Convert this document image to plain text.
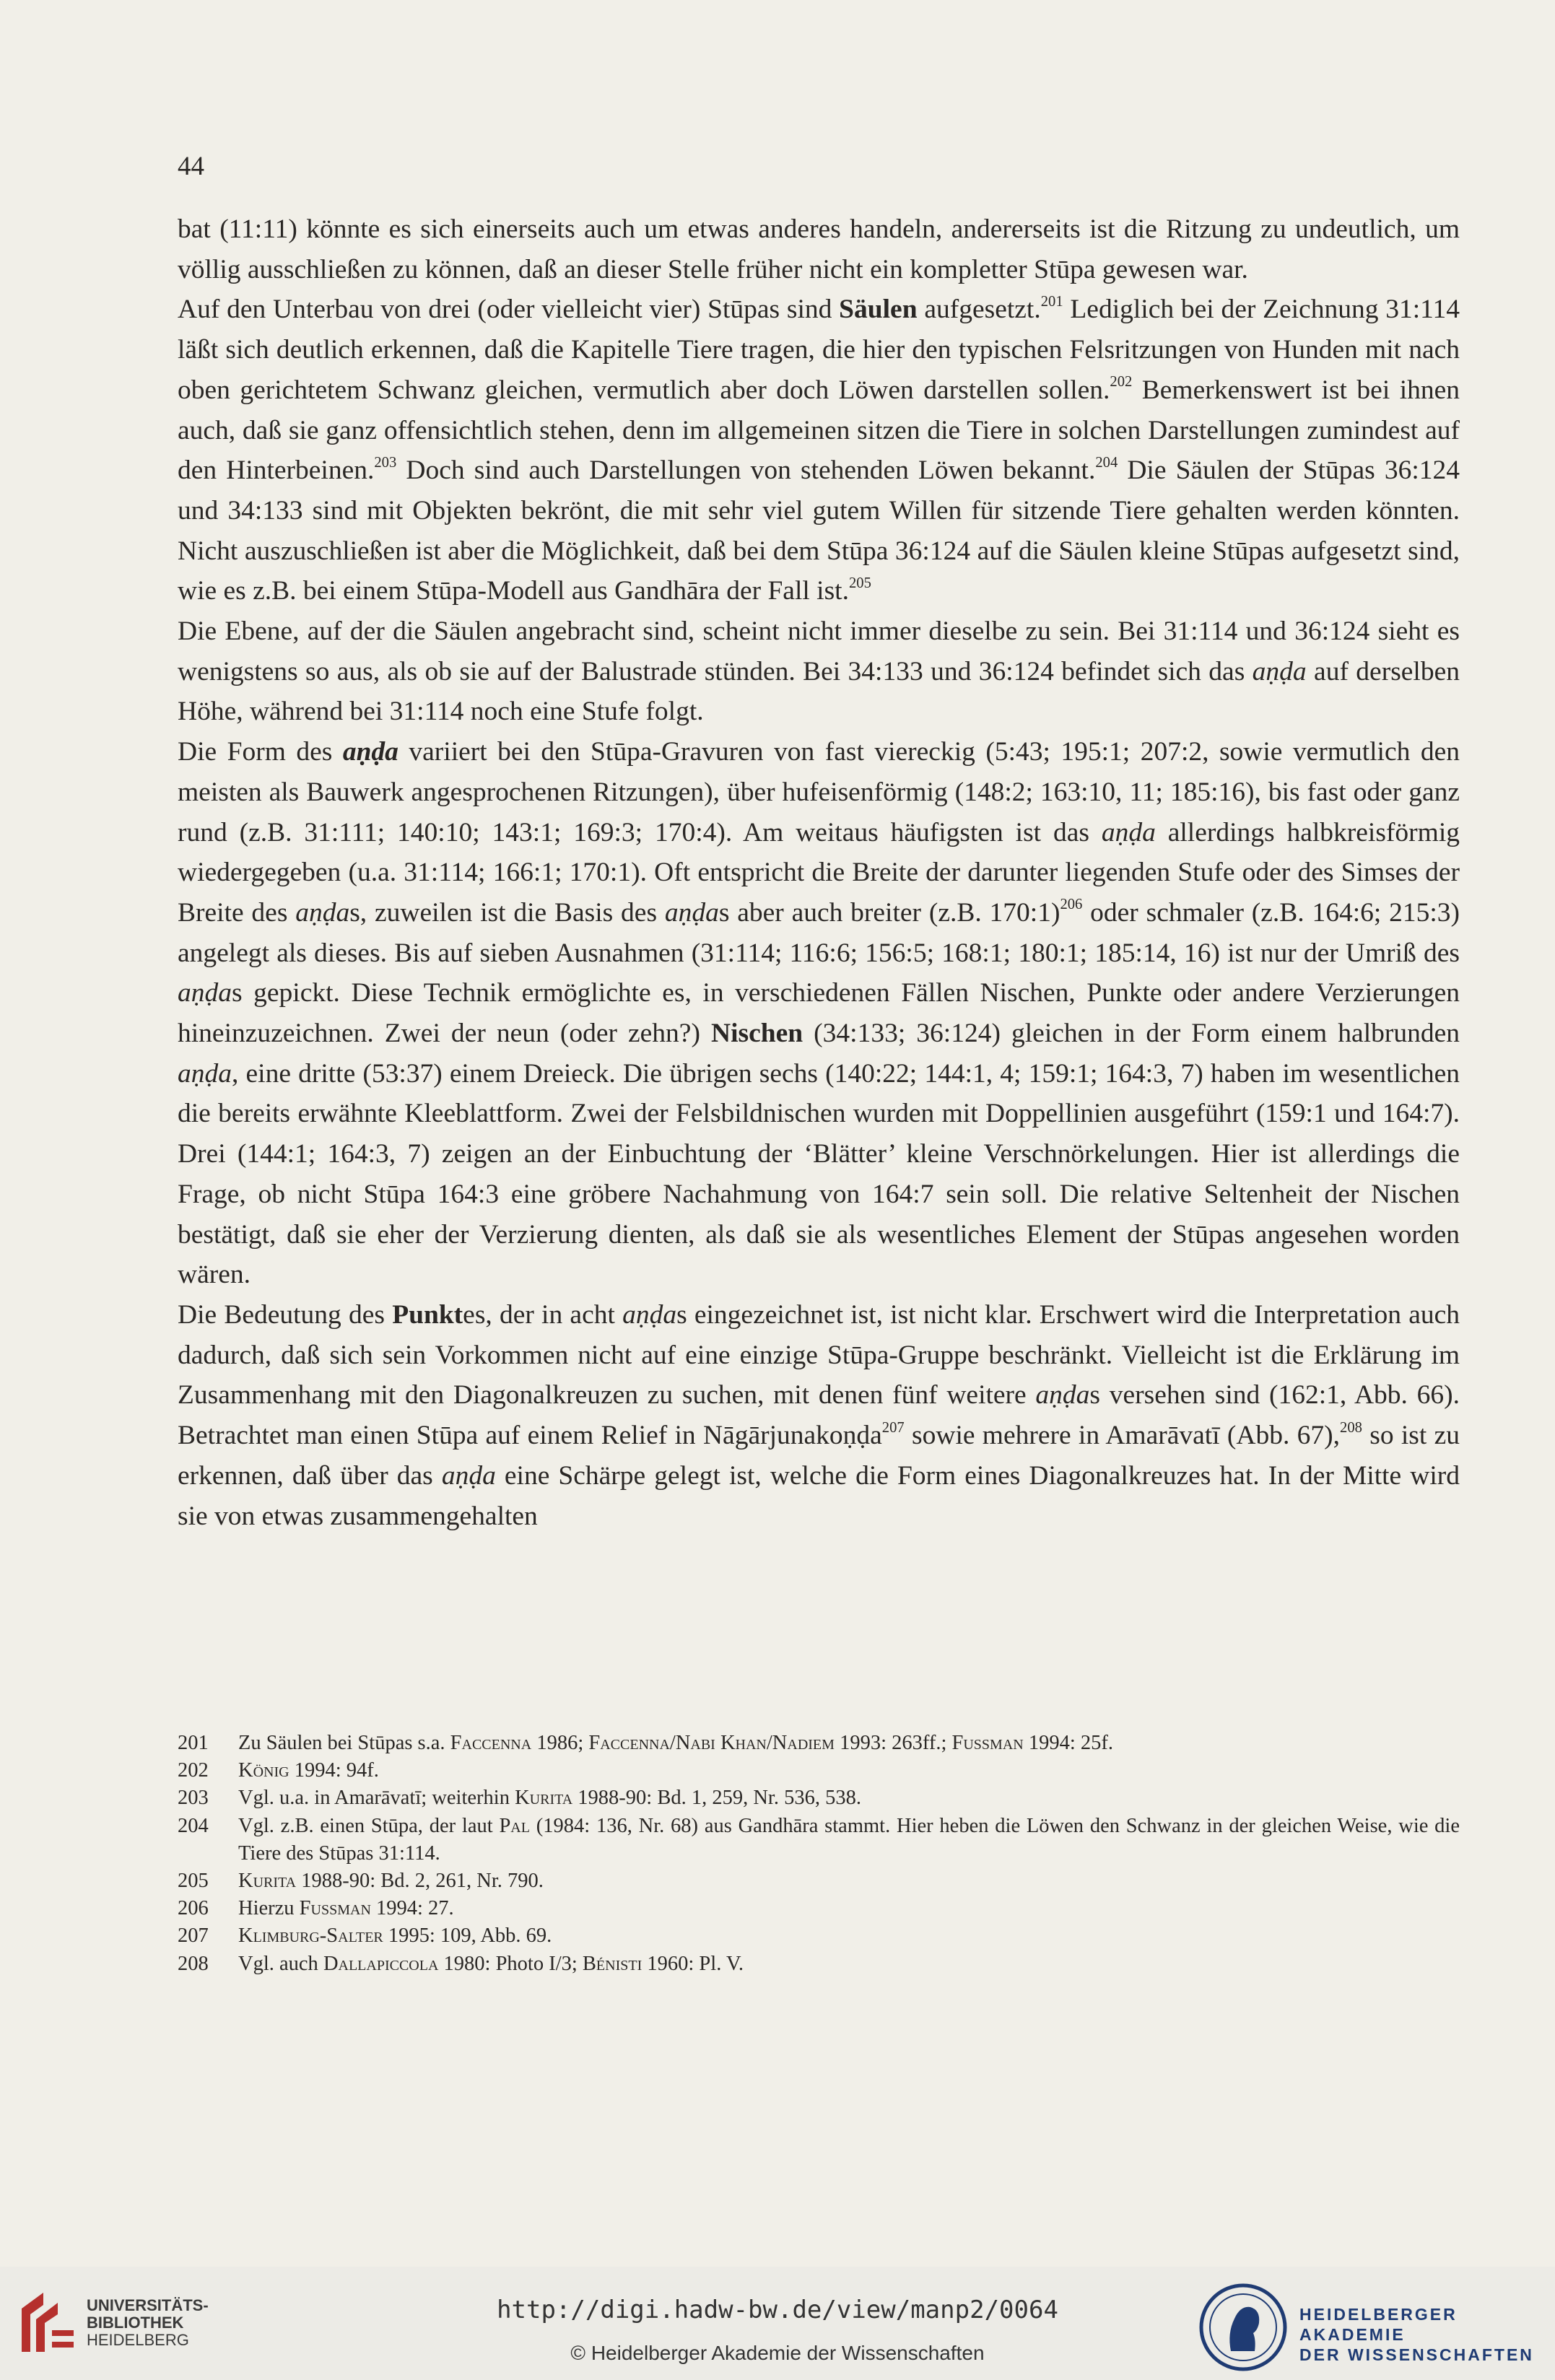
44

bat (11:11) könnte es sich einerseits auch um etwas anderes handeln, andererseits ist die Ritzung zu undeutlich, um völlig ausschließen zu können, daß an dieser Stelle früher nicht ein kompletter Stūpa gewesen war.

Auf den Unterbau von drei (oder vielleicht vier) Stūpas sind Säulen aufgesetzt.$^{201}$ Lediglich bei der Zeichnung 31:114 läßt sich deutlich erkennen, daß die Kapitelle Tiere tragen, die hier den typischen Felsritzungen von Hunden mit nach oben gerichtetem Schwanz gleichen, vermutlich aber doch Löwen darstellen sollen.$^{202}$ Bemerkenswert ist bei ihnen auch, daß sie ganz offensichtlich stehen, denn im allgemeinen sitzen die Tiere in solchen Darstellungen zumindest auf den Hinterbeinen.$^{203}$ Doch sind auch Darstellungen von stehenden Löwen bekannt.$^{204}$ Die Säulen der Stūpas 36:124 und 34:133 sind mit Objekten bekrönt, die mit sehr viel gutem Willen für sitzende Tiere gehalten werden könnten. Nicht auszuschließen ist aber die Möglichkeit, daß bei dem Stūpa 36:124 auf die Säulen kleine Stūpas aufgesetzt sind, wie es z.B. bei einem Stūpa-Modell aus Gandhāra der Fall ist.$^{205}$

Die Ebene, auf der die Säulen angebracht sind, scheint nicht immer dieselbe zu sein. Bei 31:114 und 36:124 sieht es wenigstens so aus, als ob sie auf der Balustrade stünden. Bei 34:133 und 36:124 befindet sich das aṇḍa auf derselben Höhe, während bei 31:114 noch eine Stufe folgt.

Die Form des aṇḍa variiert bei den Stūpa-Gravuren von fast viereckig (5:43; 195:1; 207:2, sowie vermutlich den meisten als Bauwerk angesprochenen Ritzungen), über hufeisenförmig (148:2; 163:10, 11; 185:16), bis fast oder ganz rund (z.B. 31:111; 140:10; 143:1; 169:3; 170:4). Am weitaus häufigsten ist das aṇḍa allerdings halbkreisförmig wiedergegeben (u.a. 31:114; 166:1; 170:1). Oft entspricht die Breite der darunter liegenden Stufe oder des Simses der Breite des aṇḍas, zuweilen ist die Basis des aṇḍas aber auch breiter (z.B. 170:1)$^{206}$ oder schmaler (z.B. 164:6; 215:3) angelegt als dieses. Bis auf sieben Ausnahmen (31:114; 116:6; 156:5; 168:1; 180:1; 185:14, 16) ist nur der Umriß des aṇḍas gepickt. Diese Technik ermöglichte es, in verschiedenen Fällen Nischen, Punkte oder andere Verzierungen hineinzuzeichnen. Zwei der neun (oder zehn?) Nischen (34:133; 36:124) gleichen in der Form einem halbrunden aṇḍa, eine dritte (53:37) einem Dreieck. Die übrigen sechs (140:22; 144:1, 4; 159:1; 164:3, 7) haben im wesentlichen die bereits erwähnte Kleeblattform. Zwei der Felsbildnischen wurden mit Doppellinien ausgeführt (159:1 und 164:7). Drei (144:1; 164:3, 7) zeigen an der Einbuchtung der ‘Blätter’ kleine Verschnörkelungen. Hier ist allerdings die Frage, ob nicht Stūpa 164:3 eine gröbere Nachahmung von 164:7 sein soll. Die relative Seltenheit der Nischen bestätigt, daß sie eher der Verzierung dienten, als daß sie als wesentliches Element der Stūpas angesehen worden wären.

Die Bedeutung des Punktes, der in acht aṇḍas eingezeichnet ist, ist nicht klar. Erschwert wird die Interpretation auch dadurch, daß sich sein Vorkommen nicht auf eine einzige Stūpa-Gruppe beschränkt. Vielleicht ist die Erklärung im Zusammenhang mit den Diagonalkreuzen zu suchen, mit denen fünf weitere aṇḍas versehen sind (162:1, Abb. 66). Betrachtet man einen Stūpa auf einem Relief in Nāgārjunakoṇḍa$^{207}$ sowie mehrere in Amarāvatī (Abb. 67),$^{208}$ so ist zu erkennen, daß über das aṇḍa eine Schärpe gelegt ist, welche die Form eines Diagonalkreuzes hat. In der Mitte wird sie von etwas zusammengehalten

201	Zu Säulen bei Stūpas s.a. Faccenna 1986; Faccenna/Nabi Khan/Nadiem 1993: 263ff.; Fussman 1994: 25f.
202	König 1994: 94f.
203	Vgl. u.a. in Amarāvatī; weiterhin Kurita 1988-90: Bd. 1, 259, Nr. 536, 538.
204	Vgl. z.B. einen Stūpa, der laut Pal (1984: 136, Nr. 68) aus Gandhāra stammt. Hier heben die Löwen den Schwanz in der gleichen Weise, wie die Tiere des Stūpas 31:114.
205	Kurita 1988-90: Bd. 2, 261, Nr. 790.
206	Hierzu Fussman 1994: 27.
207	Klimburg-Salter 1995: 109, Abb. 69.
208	Vgl. auch Dallapiccola 1980: Photo I/3; Bénisti 1960: Pl. V.
UNIVERSITÄTS-
BIBLIOTHEK
HEIDELBERG
http://digi.hadw-bw.de/view/manp2/0064
© Heidelberger Akademie der Wissenschaften
HEIDELBERGER AKADEMIE
DER WISSENSCHAFTEN
